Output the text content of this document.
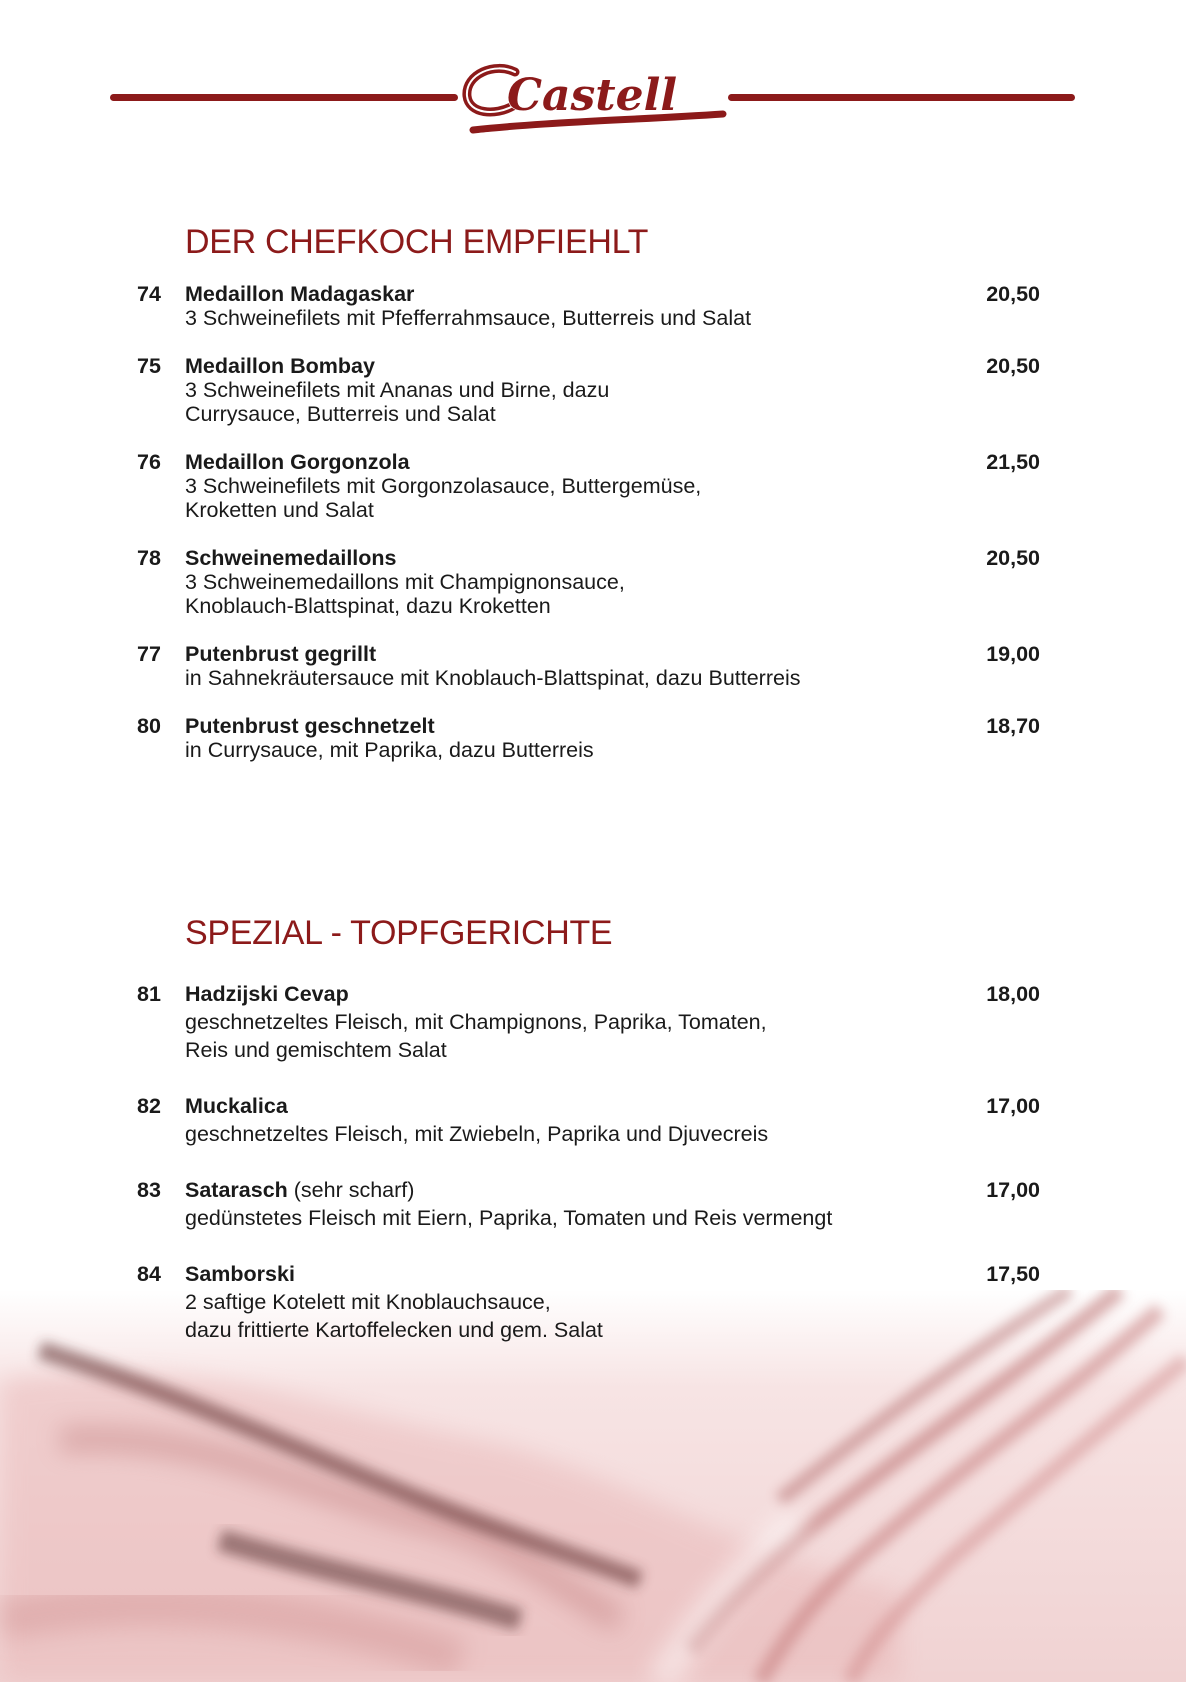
Castell
DER CHEFKOCH EMPFIEHLT
74	Medaillon Madagaskar	20,50
3 Schweinefilets mit Pfefferrahmsauce, Butterreis und Salat
75	Medaillon Bombay	20,50
3 Schweinefilets mit Ananas und Birne, dazu
Currysauce, Butterreis und Salat
76	Medaillon Gorgonzola	21,50
3 Schweinefilets mit Gorgonzolasauce, Buttergemüse,
Kroketten und Salat
78	Schweinemedaillons	20,50
3 Schweinemedaillons mit Champignonsauce,
Knoblauch-Blattspinat, dazu Kroketten
77	Putenbrust gegrillt	19,00
in Sahnekräutersauce mit Knoblauch-Blattspinat, dazu Butterreis
80	Putenbrust geschnetzelt	18,70
in Currysauce, mit Paprika, dazu Butterreis
SPEZIAL - TOPFGERICHTE
81	Hadzijski Cevap	18,00
geschnetzeltes Fleisch, mit Champignons, Paprika, Tomaten,
Reis und gemischtem Salat
82	Muckalica	17,00
geschnetzeltes Fleisch, mit Zwiebeln, Paprika und Djuvecreis
83	Satarasch (sehr scharf)	17,00
gedünstetes Fleisch mit Eiern, Paprika, Tomaten und Reis vermengt
84	Samborski	17,50
2 saftige Kotelett mit Knoblauchsauce,
dazu frittierte Kartoffelecken und gem. Salat
